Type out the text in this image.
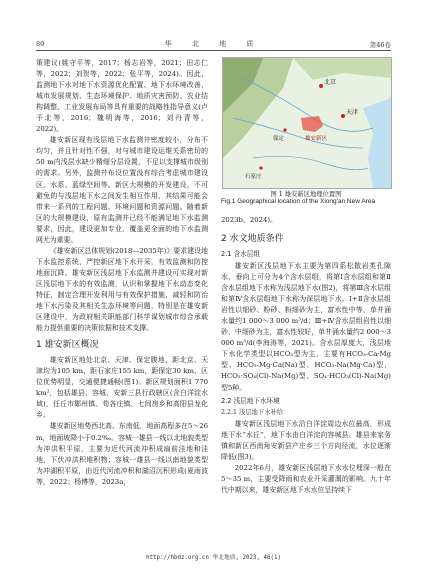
80	华 北 地 质	第46卷

策建议(姚守平等，2017；杨志岩等，2021；田志仁等，2022；刘贺等，2022；张平等，2024)。因此，监测地下水对地下水资源优化配置、地下水环境改善、城市发展规划、生态环境保护、地质灾害预防、农业结构调整、工业发展布局等具有重要的战略性指导意义(卢予北等，2016；魏明海等，2016；刘丹青等，2022)。

雄安新区现有浅层地下水监测井密度较小，分布不均匀，并且针对性不强，对与城市建设运维关系密切的50 m内浅层水缺少精细分层设置，不足以支撑城市级别的需求。另外，监测井布设位置没有综合考虑城市建设区、水系、蓝绿空间等。新区大规模的开发建设，不可避免的与浅层地下水之间发生相互作用，其结果可能会带来一系列的工程问题、环境问题和资源问题。随着新区的大规模建设，原有监测井已经不能满足地下水监测要求，因此，建设更加专业、覆盖更全面的地下水监测网尤为重要。

《雄安新区总体规划(2018—2035年)》要求建设地下水监控系统，严控新区地下水开采，有效监测和防控地面沉降。雄安新区浅层地下水监测井建设可实现对新区浅层地下水的有效监测，认识和掌握地下水动态变化特征，制定合理开发利用与有效保护措施，减轻和防治地下水污染及其相关生态环境等问题，特别是在雄安新区建设中，为政府相关职能部门科学谋划城市综合承载能力提供重要的决策依据和技术支撑。

1 雄安新区概况

雄安新区地处北京、天津、保定腹地，距北京、天津均为105 km，距石家庄155 km，距保定30 km，区位优势明显，交通便捷通畅(图1)。新区规划面积1 770 km²，包括雄县、容城、安新三县行政辖区(含白洋淀水域)，任丘市鄚州镇、苟各庄镇、七间房乡和高阳县龙化乡。

雄安新区地势西北高、东南低，地面高程多在5～26 m，地面坡降小于0.2‰。容城一雄县一线以北地貌类型为冲洪积平原，主要为近代河流冲积成扇前洼地和洼地，下伏冲洪积堆积物；容城一雄县一线以南地貌类型为冲湖积平原，由近代河流冲积和湖沼沉积形成(夏雨波等，2022；杨博等，2023a，

北京
天津
保定
石家庄
雄安新区
图 1 雄安新区地理位置图
Fig.1 Geographical location of the Xiong'an New Area
2023b，2024)。
2 水文地质条件
2.1 含水层组

雄安新区浅层地下水主要为第四系松散岩类孔隙水，垂向上可分为4个含水层组，将第Ⅰ含水层组和第Ⅱ含水层组地下水称为浅层地下水(图2)，将第Ⅲ含水层组和第Ⅳ含水层组地下水称为深层地下水。Ⅰ+Ⅱ含水层组岩性以细砂、粉砂、粉细砂为主，富水性中等，单井涌水量约1 000～3 000 m³/d；Ⅲ+Ⅳ含水层组岩性以细砂、中细砂为主，富水性较好，单井涌水量约2 000～3 000 m³/d(李海涛等，2021)。含水层厚度大，浅层地下水化学类型以HCO₃型为主，主要有HCO₃-Ca·Mg型、HCO₃-Mg·Ca(Na)型、HCO₃-Na(Mg·Ca)型、HCO₃·SO₄(Cl)-Na(Mg)型、SO₄·HCO₃(Cl)-Na(Mg)型5种。

2.2 浅层地下水环境
2.2.1 浅层地下水补给

雄安新区浅层地下水沿白洋淀周边水位最高，形成地下水“水丘”，地下水由白洋淀向容城县、雄县来家务镇和新区西南角安新县产庄乡三个方向径流，水位逐渐降低(图3)。

2022年6月，雄安新区浅层地下水水位埋深一般在5～35 m，主要受降雨和农业开采灌溉的影响。九十年代中期以来，雄安新区地下水水位呈持续下

http://hbdz.org.cn 华北地质, 2023, 46(1)
